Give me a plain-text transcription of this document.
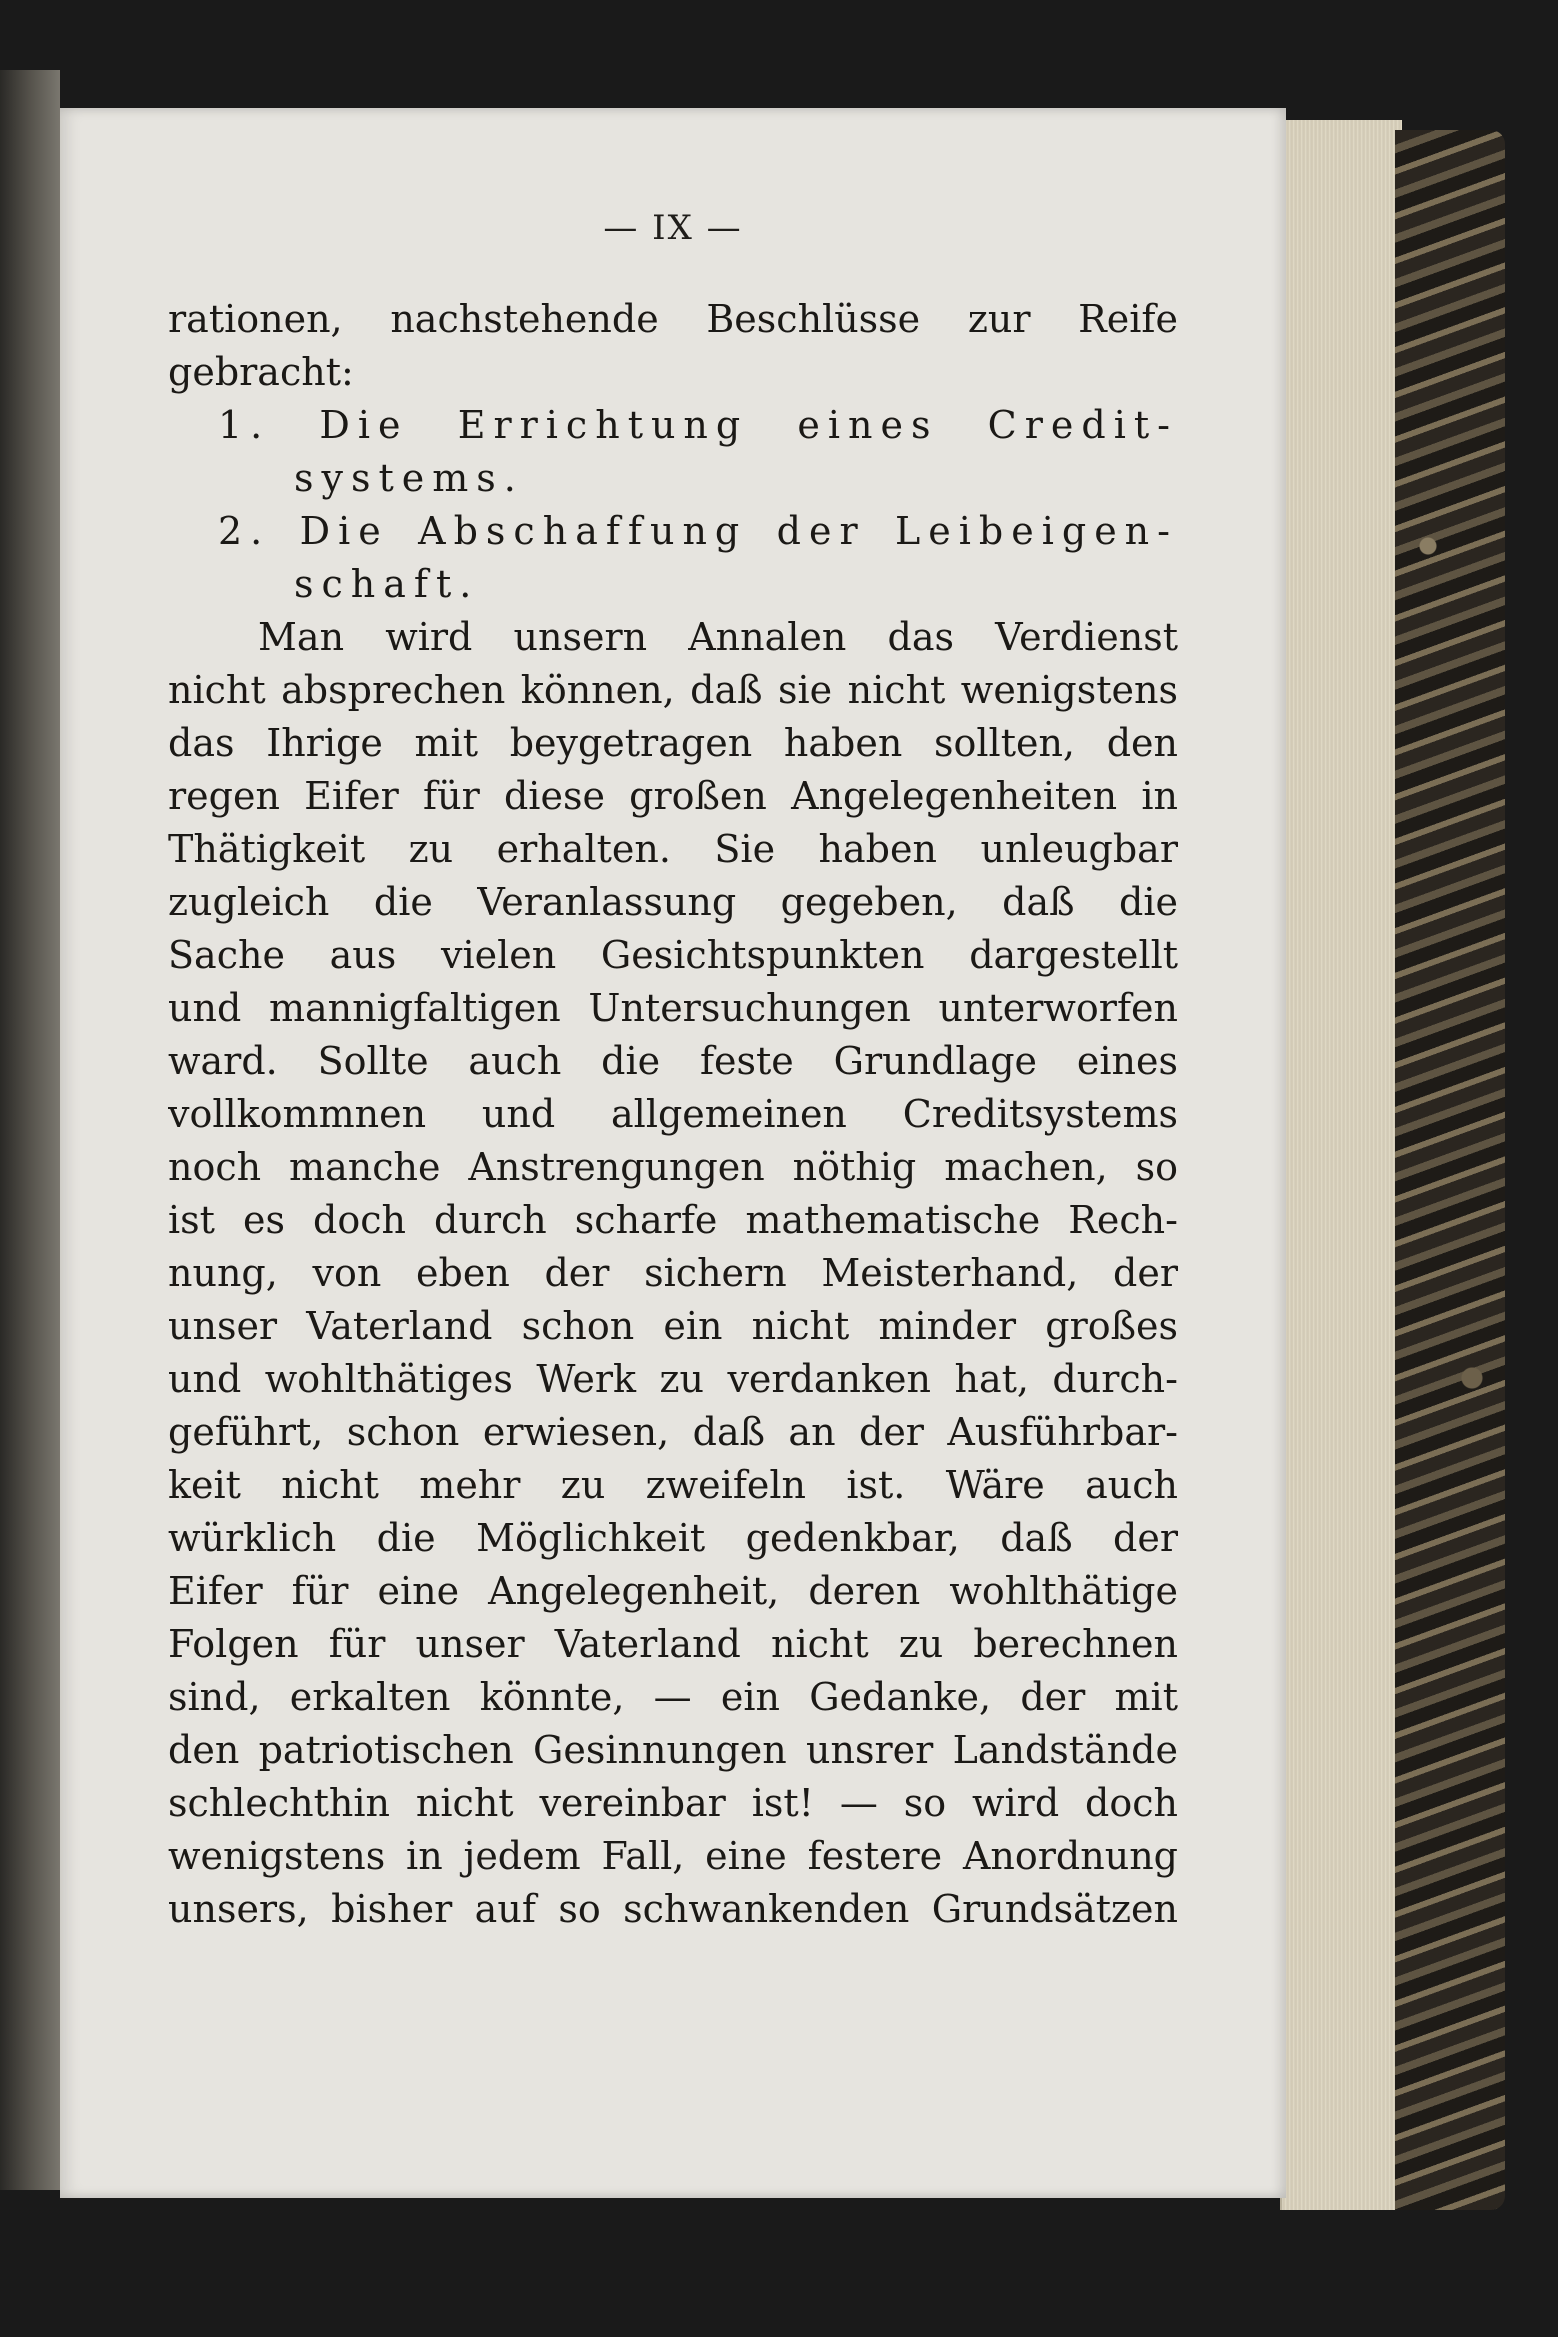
— IX —
rationen, nachstehende Beschlüsse zur Reife
gebracht:
1. Die Errichtung eines Credit-
systems.
2. Die Abschaffung der Leibeigen-
schaft.
Man wird unsern Annalen das Verdienst
nicht absprechen können, daß sie nicht wenigstens
das Ihrige mit beygetragen haben sollten, den
regen Eifer für diese großen Angelegenheiten in
Thätigkeit zu erhalten. Sie haben unleugbar
zugleich die Veranlassung gegeben, daß die
Sache aus vielen Gesichtspunkten dargestellt
und mannigfaltigen Untersuchungen unterworfen
ward. Sollte auch die feste Grundlage eines
vollkommnen und allgemeinen Creditsystems
noch manche Anstrengungen nöthig machen, so
ist es doch durch scharfe mathematische Rech-
nung, von eben der sichern Meisterhand, der
unser Vaterland schon ein nicht minder großes
und wohlthätiges Werk zu verdanken hat, durch-
geführt, schon erwiesen, daß an der Ausführbar-
keit nicht mehr zu zweifeln ist. Wäre auch
würklich die Möglichkeit gedenkbar, daß der
Eifer für eine Angelegenheit, deren wohlthätige
Folgen für unser Vaterland nicht zu berechnen
sind, erkalten könnte, — ein Gedanke, der mit
den patriotischen Gesinnungen unsrer Landstände
schlechthin nicht vereinbar ist! — so wird doch
wenigstens in jedem Fall, eine festere Anordnung
unsers, bisher auf so schwankenden Grundsätzen
